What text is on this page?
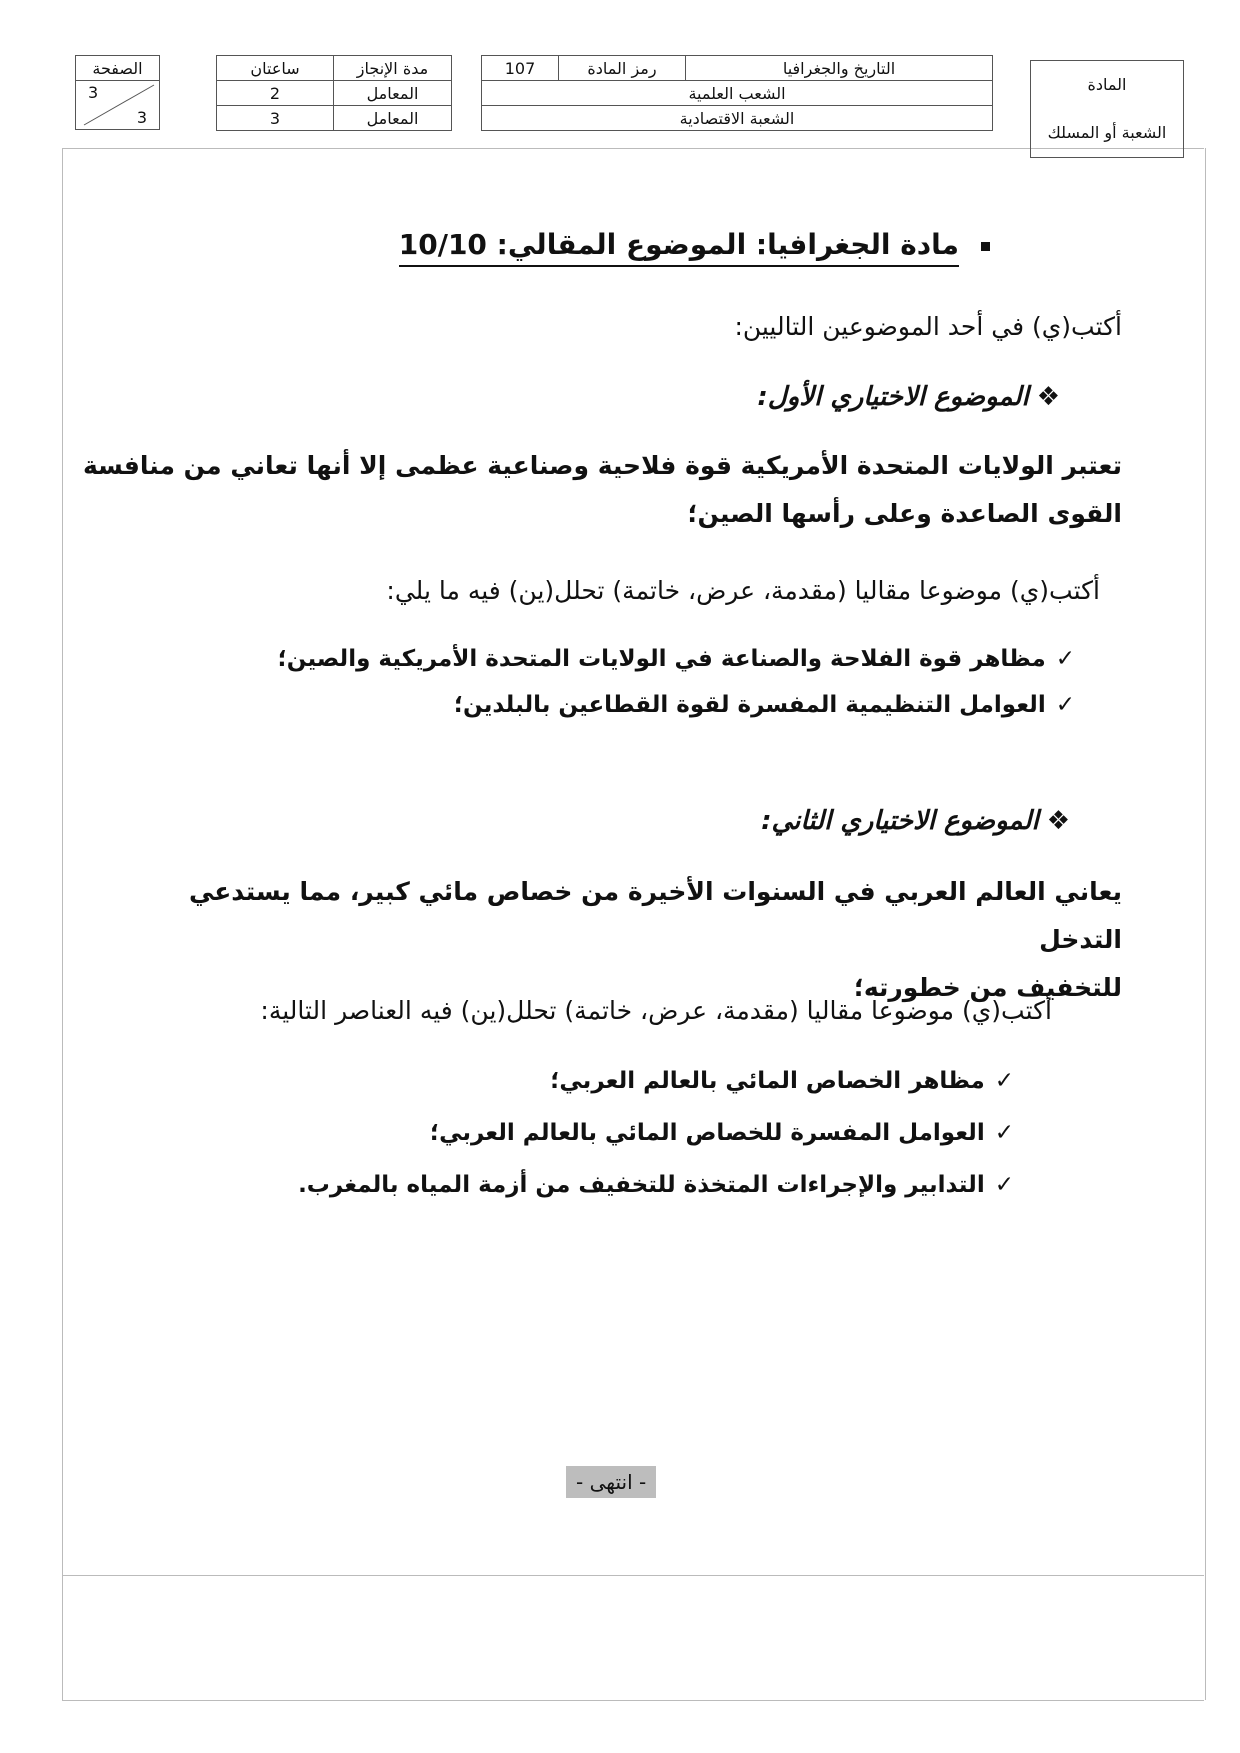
الصفحة

3
3
ساعتان	مدة الإنجاز
2	المعامل
3	المعامل
107	رمز المادة	التاريخ والجغرافيا
الشعب العلمية
الشعبة الاقتصادية
المادة
الشعبة أو المسلك
مادة الجغرافيا: الموضوع المقالي: 10/10
أكتب(ي) في أحد الموضوعين التاليين:
❖الموضوع الاختياري الأول:
تعتبر الولايات المتحدة الأمريكية قوة فلاحية وصناعية عظمى إلا أنها تعاني من منافسة
القوى الصاعدة وعلى رأسها الصين؛
أكتب(ي) موضوعا مقاليا (مقدمة، عرض، خاتمة) تحلل(ين) فيه ما يلي:
✓مظاهر قوة الفلاحة والصناعة في الولايات المتحدة الأمريكية والصين؛
✓العوامل التنظيمية المفسرة لقوة القطاعين بالبلدين؛
❖الموضوع الاختياري الثاني:
يعاني العالم العربي في السنوات الأخيرة من خصاص مائي كبير، مما يستدعي التدخل
للتخفيف من خطورته؛
أكتب(ي) موضوعا مقاليا (مقدمة، عرض، خاتمة) تحلل(ين) فيه العناصر التالية:
✓مظاهر الخصاص المائي بالعالم العربي؛
✓العوامل المفسرة للخصاص المائي بالعالم العربي؛
✓التدابير والإجراءات المتخذة للتخفيف من أزمة المياه بالمغرب.
- انتهى -
